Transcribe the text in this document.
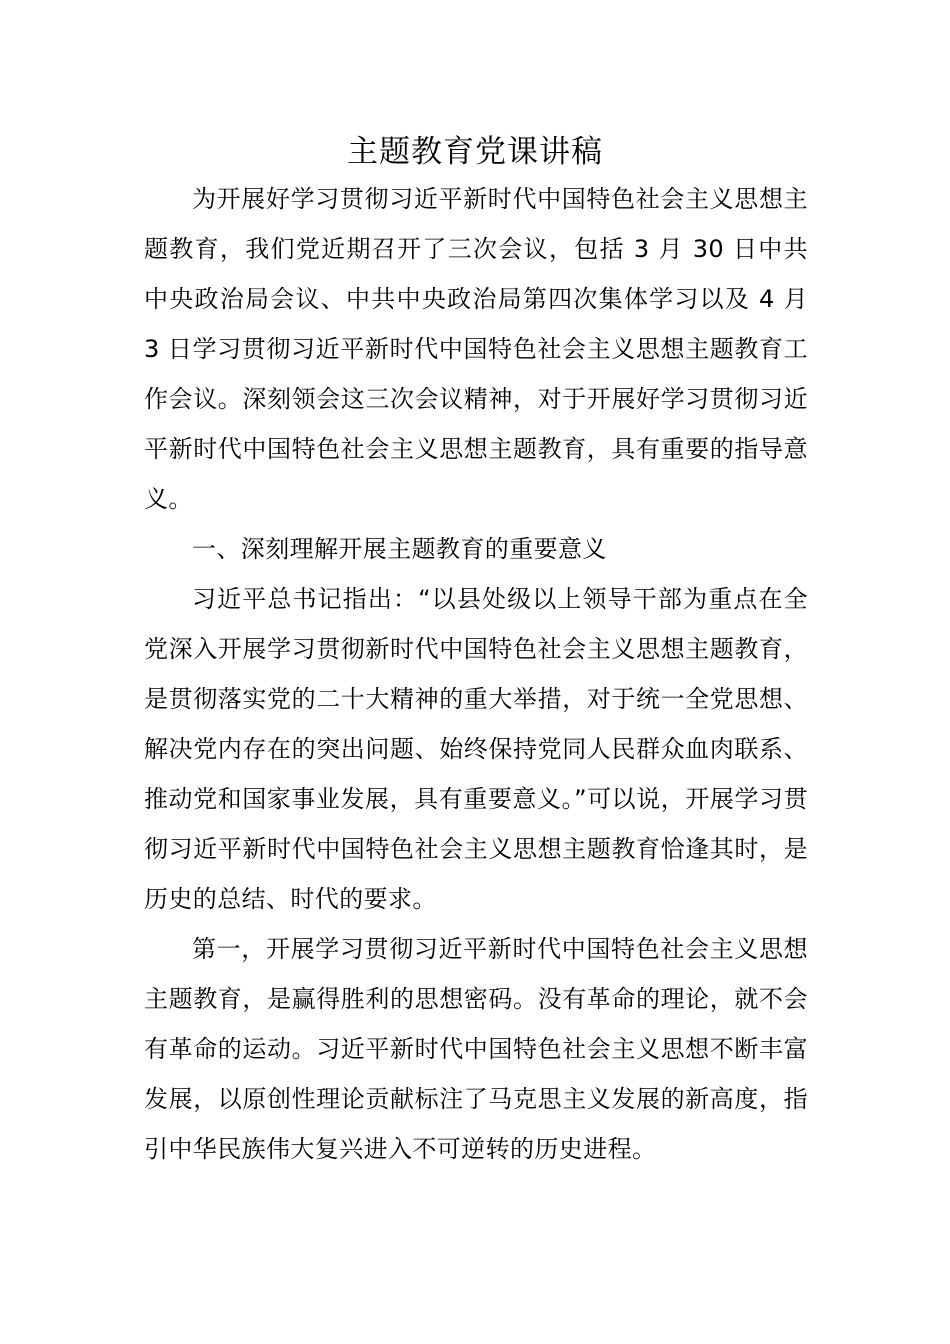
主题教育党课讲稿

为开展好学习贯彻习近平新时代中国特色社会主义思想主题教育，我们党近期召开了三次会议，包括 3 月 30 日中共中央政治局会议、中共中央政治局第四次集体学习以及 4 月 3 日学习贯彻习近平新时代中国特色社会主义思想主题教育工作会议。深刻领会这三次会议精神，对于开展好学习贯彻习近平新时代中国特色社会主义思想主题教育，具有重要的指导意义。

一、深刻理解开展主题教育的重要意义

习近平总书记指出：“以县处级以上领导干部为重点在全党深入开展学习贯彻新时代中国特色社会主义思想主题教育，是贯彻落实党的二十大精神的重大举措，对于统一全党思想、解决党内存在的突出问题、始终保持党同人民群众血肉联系、推动党和国家事业发展，具有重要意义。”可以说，开展学习贯彻习近平新时代中国特色社会主义思想主题教育恰逢其时，是历史的总结、时代的要求。

第一，开展学习贯彻习近平新时代中国特色社会主义思想主题教育，是赢得胜利的思想密码。没有革命的理论，就不会有革命的运动。习近平新时代中国特色社会主义思想不断丰富发展，以原创性理论贡献标注了马克思主义发展的新高度，指引中华民族伟大复兴进入不可逆转的历史进程。
